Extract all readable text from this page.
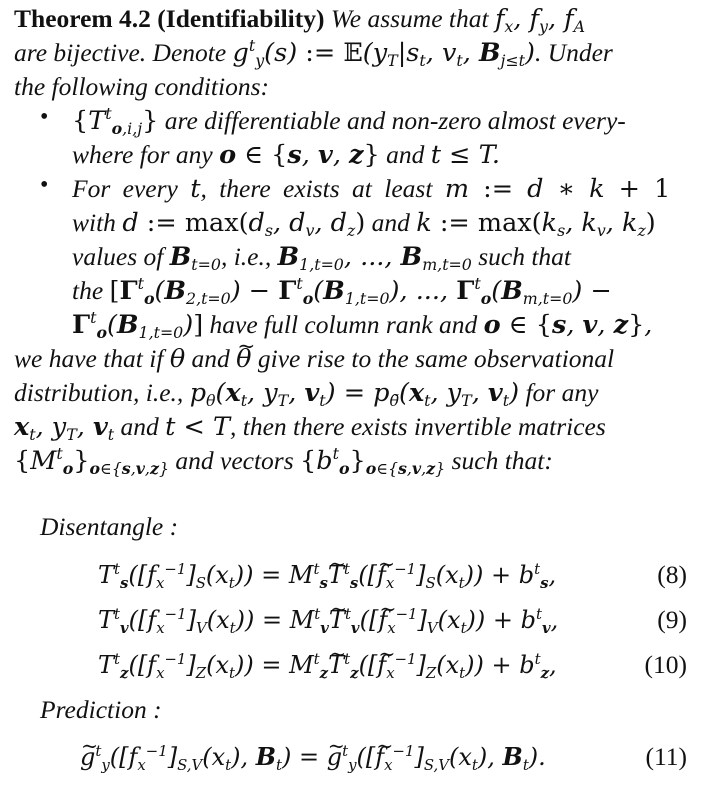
Theorem 4.2 (Identifiability) We assume that $f_x$, $f_y$, $f_A$
are bijective. Denote $g^t_y(s)$ := $𝔼(y_T|s_t$, $v_t$, $B_{j\le t}$). Under
the following conditions:
• $\{T^t_{o,i,j}\}$ are differentiable and non-zero almost every-
where for any o ∈ {s, v, z} and t ≤ T.
• For every t, there exists at least m := d ∗ k + 1
with d := $\max(d_s$, $d_v$, $d_z$) and k := $\max(k_s$, $k_v$, $k_z$)
values of $B_{t=0}$, i.e., $B_{1,t=0}$, ..., $B_{m,t=0}$ such that
the [$\Gamma^t_o(B_{2,t=0}) - \Gamma^t_o(B_{1,t=0})$, ..., $\Gamma^t_o(B_{m,t=0})$ −
$\Gamma^t_o(B_{1,t=0})$] have full column rank and o ∈ {s, v, z},
we have that if θ and ~ θ give rise to the same observational
distribution, i.e., $p_\theta(x_t$, $y_T$, $v_t) = p_{\thetã}(x_t$, $y_T$, $v_t$) for any
$x_t$, $y_T$, $v_t$ and t < T, then there exists invertible matrices
$\{M^t_o\}_{o\in\{s,v,z\}}$ and vectors $\{b^t_o\}_{o\in\{s,v,z\}}$ such that:
Disentangle :
$T^t_s([f_x^{-1}]_S(x_t))$ = $M^t_s\sim$ $T^t_s([\sim$ $f_x^{-1}]_S(x_t)) + b^t_s$,	(8)
$T^t_v([f_x^{-1}]_V(x_t))$ = $M^t_v\sim$ $T^t_v([\sim$ $f_x^{-1}]_V(x_t)) + b^t_v$,	(9)
$T^t_z([f_x^{-1}]_Z(x_t))$ = $M^t_z\sim$ $T^t_z([\sim$ $f_x^{-1}]_Z(x_t)) + b^t_z$,	(10)
Prediction :
~ $g^t_y([f_x^{-1}]_{S,V}(x_t)$, $B_t$) = ~ $g^t_y([\sim$ $f_x^{-1}]_{S,V}(x_t)$, $B_t$).	(11)
